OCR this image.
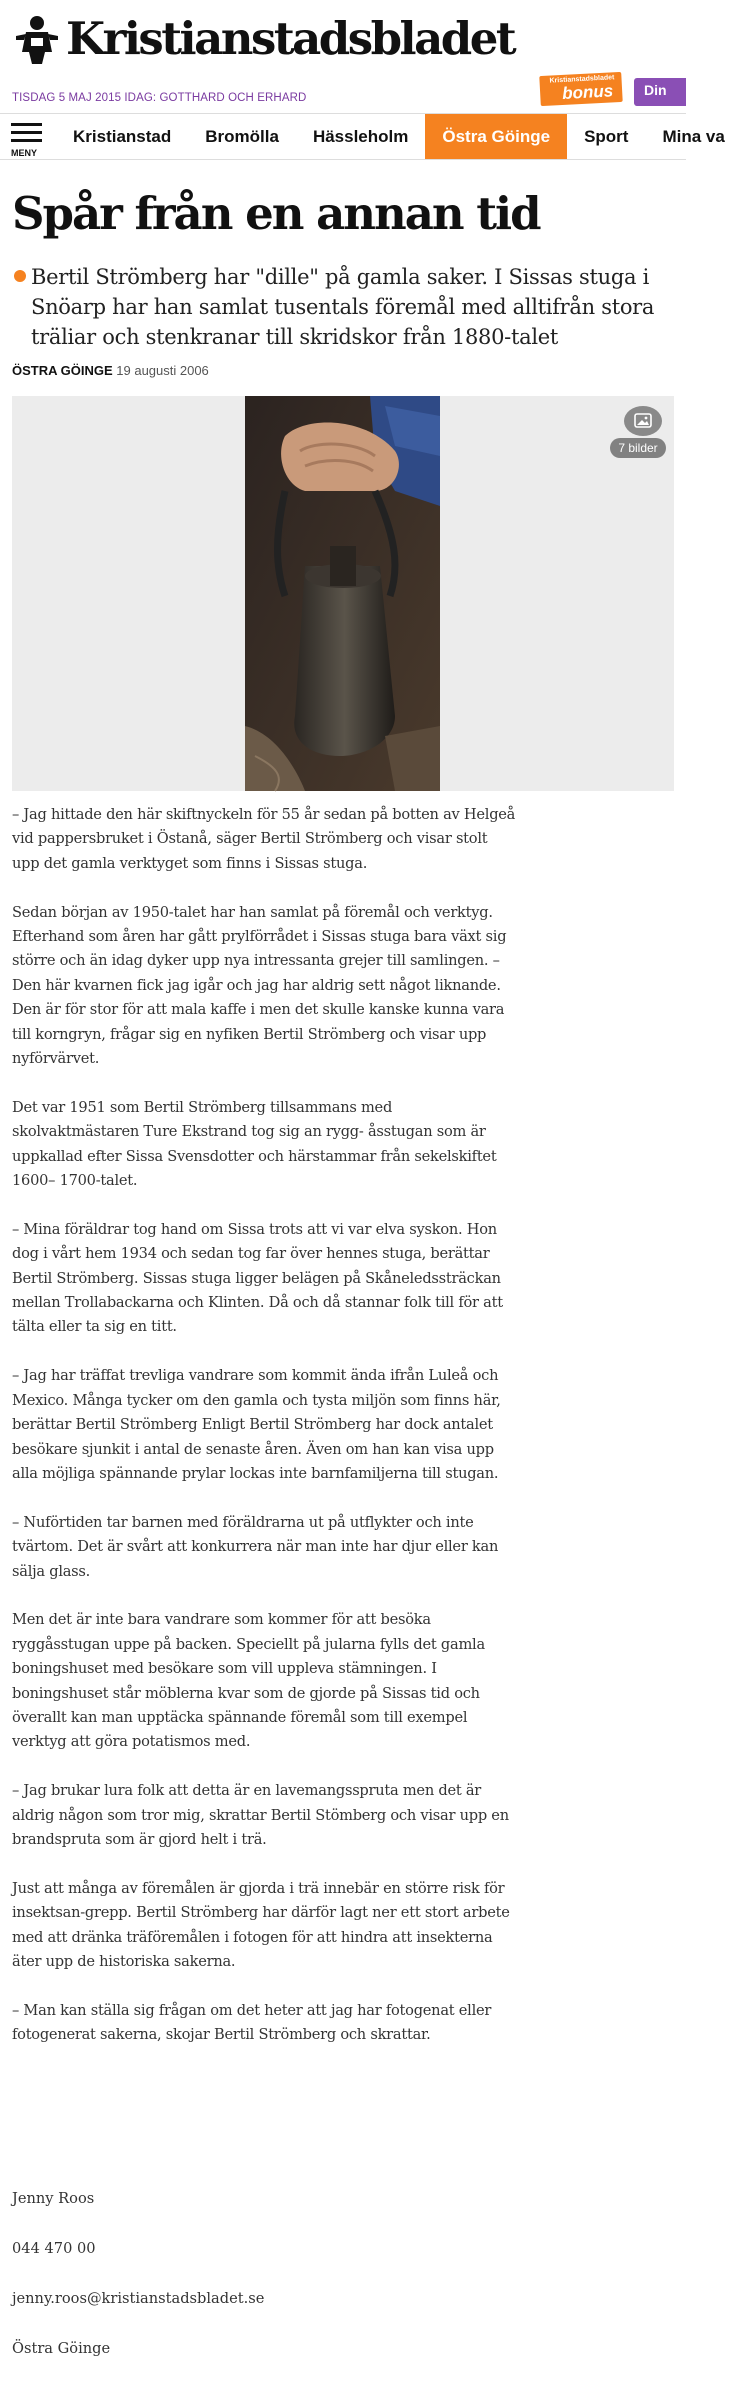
Kristianstadsbladet
TISDAG 5 MAJ 2015 IDAG: GOTTHARD OCH ERHARD
Kristianstadsbladet
bonus Din
MENY
Kristianstad	Bromölla	Hässleholm	Östra Göinge	Sport	Mina va
Spår från en annan tid

Bertil Strömberg har "dille" på gamla saker. I Sissas stuga i Snöarp har han samlat tusentals föremål med alltifrån stora träliar och stenkranar till skridskor från 1880-talet

ÖSTRA GÖINGE 19 augusti 2006
7 bilder

– Jag hittade den här skiftnyckeln för 55 år sedan på botten av Helgeå vid pappersbruket i Östanå, säger Bertil Strömberg och visar stolt upp det gamla verktyget som finns i Sissas stuga.

Sedan början av 1950-talet har han samlat på föremål och verktyg. Efterhand som åren har gått prylförrådet i Sissas stuga bara växt sig större och än idag dyker upp nya intressanta grejer till samlingen. – Den här kvarnen fick jag igår och jag har aldrig sett något liknande. Den är för stor för att mala kaffe i men det skulle kanske kunna vara till korngryn, frågar sig en nyfiken Bertil Strömberg och visar upp nyförvärvet.

Det var 1951 som Bertil Strömberg tillsammans med skolvaktmästaren Ture Ekstrand tog sig an rygg- åsstugan som är uppkallad efter Sissa Svensdotter och härstammar från sekelskiftet 1600– 1700-talet.

– Mina föräldrar tog hand om Sissa trots att vi var elva syskon. Hon dog i vårt hem 1934 och sedan tog far över hennes stuga, berättar Bertil Strömberg. Sissas stuga ligger belägen på Skåneledssträckan mellan Trollabackarna och Klinten. Då och då stannar folk till för att tälta eller ta sig en titt.

– Jag har träffat trevliga vandrare som kommit ända ifrån Luleå och Mexico. Många tycker om den gamla och tysta miljön som finns här, berättar Bertil Strömberg Enligt Bertil Strömberg har dock antalet besökare sjunkit i antal de senaste åren. Även om han kan visa upp alla möjliga spännande prylar lockas inte barnfamiljerna till stugan.

– Nuförtiden tar barnen med föräldrarna ut på utflykter och inte tvärtom. Det är svårt att konkurrera när man inte har djur eller kan sälja glass.

Men det är inte bara vandrare som kommer för att besöka ryggåsstugan uppe på backen. Speciellt på jularna fylls det gamla boningshuset med besökare som vill uppleva stämningen. I boningshuset står möblerna kvar som de gjorde på Sissas tid och överallt kan man upptäcka spännande föremål som till exempel verktyg att göra potatismos med.

– Jag brukar lura folk att detta är en lavemangsspruta men det är aldrig någon som tror mig, skrattar Bertil Stömberg och visar upp en brandspruta som är gjord helt i trä.

Just att många av föremålen är gjorda i trä innebär en större risk för insektsan-grepp. Bertil Strömberg har därför lagt ner ett stort arbete med att dränka träföremålen i fotogen för att hindra att insekterna äter upp de historiska sakerna.

– Man kan ställa sig frågan om det heter att jag har fotogenat eller fotogenerat sakerna, skojar Bertil Strömberg och skrattar.

Jenny Roos
044 470 00
jenny.roos@kristianstadsbladet.se
Östra Göinge
